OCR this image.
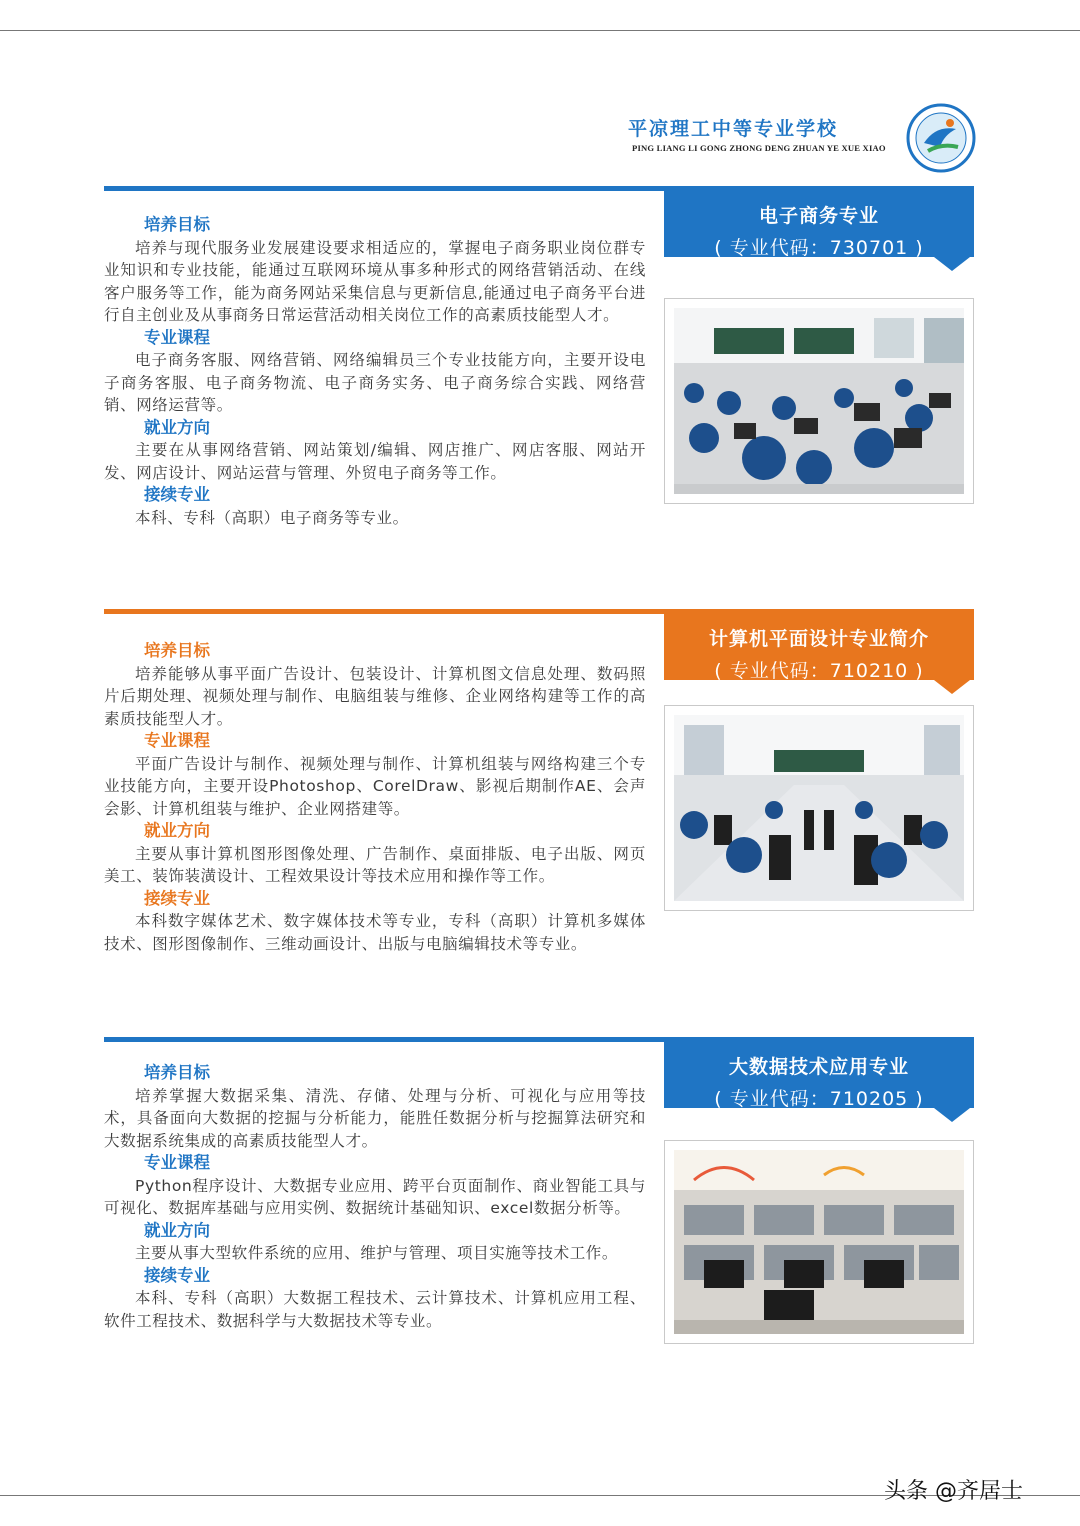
平凉理工中等专业学校
PING LIANG LI GONG ZHONG DENG ZHUAN YE XUE XIAO
培养目标

培养与现代服务业发展建设要求相适应的，掌握电子商务职业岗位群专业知识和专业技能，能通过互联网环境从事多种形式的网络营销活动、在线客户服务等工作，能为商务网站采集信息与更新信息,能通过电子商务平台进行自主创业及从事商务日常运营活动相关岗位工作的高素质技能型人才。

专业课程

电子商务客服、网络营销、网络编辑员三个专业技能方向，主要开设电子商务客服、电子商务物流、电子商务实务、电子商务综合实践、网络营销、网络运营等。

就业方向

主要在从事网络营销、网站策划/编辑、网店推广、网店客服、网站开发、网店设计、网站运营与管理、外贸电子商务等工作。

接续专业

本科、专科（高职）电子商务等专业。

电子商务专业
( 专业代码：730701 )
培养目标

培养能够从事平面广告设计、包装设计、计算机图文信息处理、数码照片后期处理、视频处理与制作、电脑组装与维修、企业网络构建等工作的高素质技能型人才。

专业课程

平面广告设计与制作、视频处理与制作、计算机组装与网络构建三个专业技能方向，主要开设Photoshop、CorelDraw、影视后期制作AE、会声会影、计算机组装与维护、企业网搭建等。

就业方向

主要从事计算机图形图像处理、广告制作、桌面排版、电子出版、网页美工、装饰装潢设计、工程效果设计等技术应用和操作等工作。

接续专业

本科数字媒体艺术、数字媒体技术等专业，专科（高职）计算机多媒体技术、图形图像制作、三维动画设计、出版与电脑编辑技术等专业。

计算机平面设计专业简介
( 专业代码：710210 )
培养目标

培养掌握大数据采集、清洗、存储、处理与分析、可视化与应用等技术，具备面向大数据的挖掘与分析能力，能胜任数据分析与挖掘算法研究和大数据系统集成的高素质技能型人才。

专业课程

Python程序设计、大数据专业应用、跨平台页面制作、商业智能工具与可视化、数据库基础与应用实例、数据统计基础知识、excel数据分析等。

就业方向

主要从事大型软件系统的应用、维护与管理、项目实施等技术工作。

接续专业

本科、专科（高职）大数据工程技术、云计算技术、计算机应用工程、软件工程技术、数据科学与大数据技术等专业。

大数据技术应用专业
( 专业代码：710205 )
头条 @齐居士
